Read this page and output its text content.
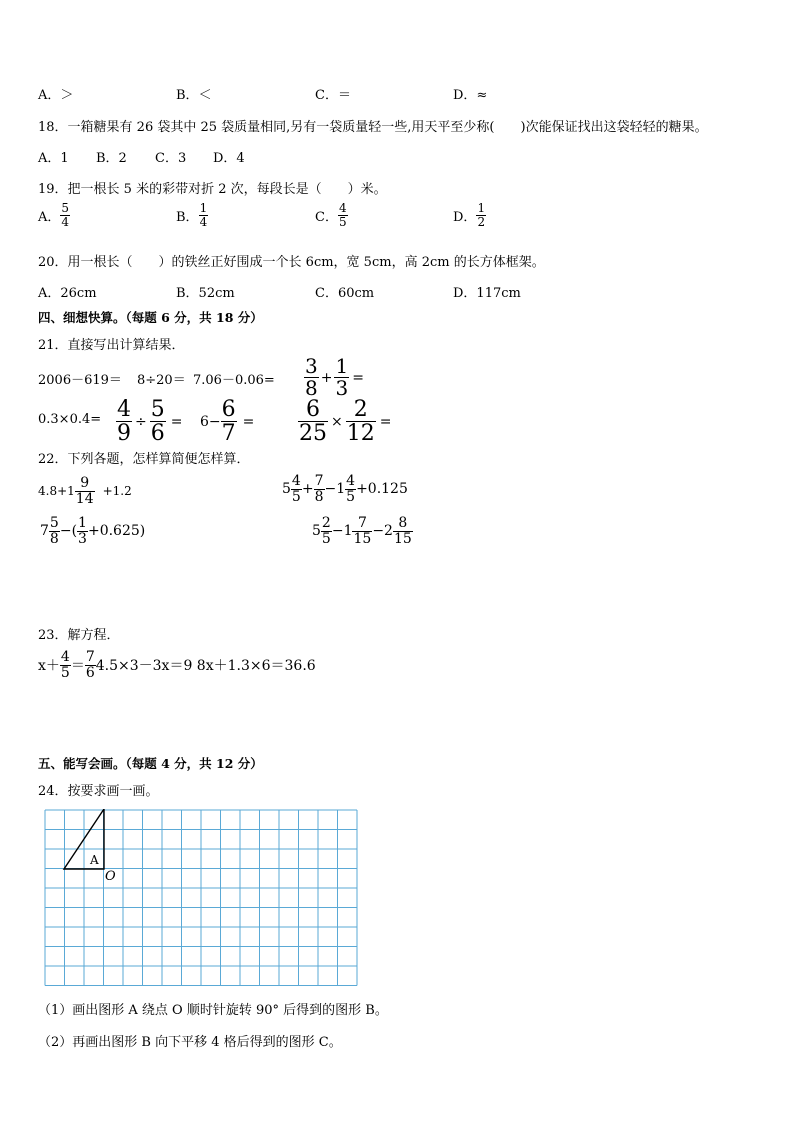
A．＞	B．＜	C．＝	D．≈
18．一箱糖果有 26 袋其中 25 袋质量相同,另有一袋质量轻一些,用天平至少称(　　)次能保证找出这袋轻轻的糖果。
A．1 B．2 C．3 D．4
19．把一根长 5 米的彩带对折 2 次，每段长是（　　）米。
A． $\frac{5}{4}$	B． $\frac{1}{4}$	C． $\frac{4}{5}$	D． $\frac{1}{2}$
20．用一根长（　　）的铁丝正好围成一个长 6cm，宽 5cm，高 2cm 的长方体框架。
A．26cm	B．52cm	C．60cm	D．117cm
四、细想快算。（每题 6 分，共 18 分）
21．直接写出计算结果．
$2006-619= 8\div 20= 7.06-0.06= \frac{3}{8} + \frac{1}{3}$ =
$0.3\times 0.4= \frac{4}{9} \div \frac{5}{6} = 6- \frac{6}{7} = \frac{6}{25} \times \frac{2}{12}$ =
22．下列各题，怎样算简便怎样算．
$4.8+1 \frac{9}{14} +1.2$	$5 \frac{4}{5} + \frac{7}{8} -1 \frac{4}{5} +0.125$
$7 \frac{5}{8}$ −( $\frac{1}{3} +0.625$)	$5 \frac{2}{5} -1 \frac{7}{15} -2 \frac{8}{15}$
23．解方程．
$x+ \frac{4}{5} = \frac{7}{6} 4.5\times 3-3x=9$ 8x＋1.3×6＝36.6
五、能写会画。（每题 4 分，共 12 分）
24．按要求画一画。
A
O
（1）画出图形 A 绕点 O 顺时针旋转 90° 后得到的图形 B。
（2）再画出图形 B 向下平移 4 格后得到的图形 C。
